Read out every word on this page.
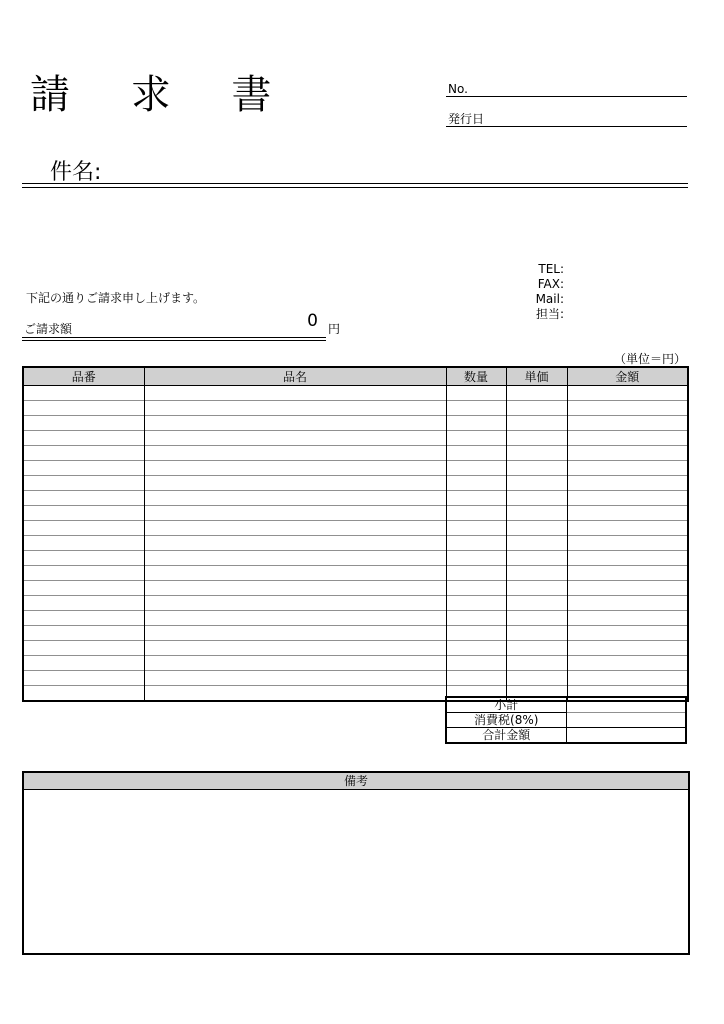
請 求 書	No.
発行日
件名:
TEL:
FAX:
Mail:
担当:
下記の通りご請求申し上げます。
ご請求額	0 円
（単位＝円）
品番	品名	数量	単価	金額

小計	
消費税(8%)	
合計金額	
備考
